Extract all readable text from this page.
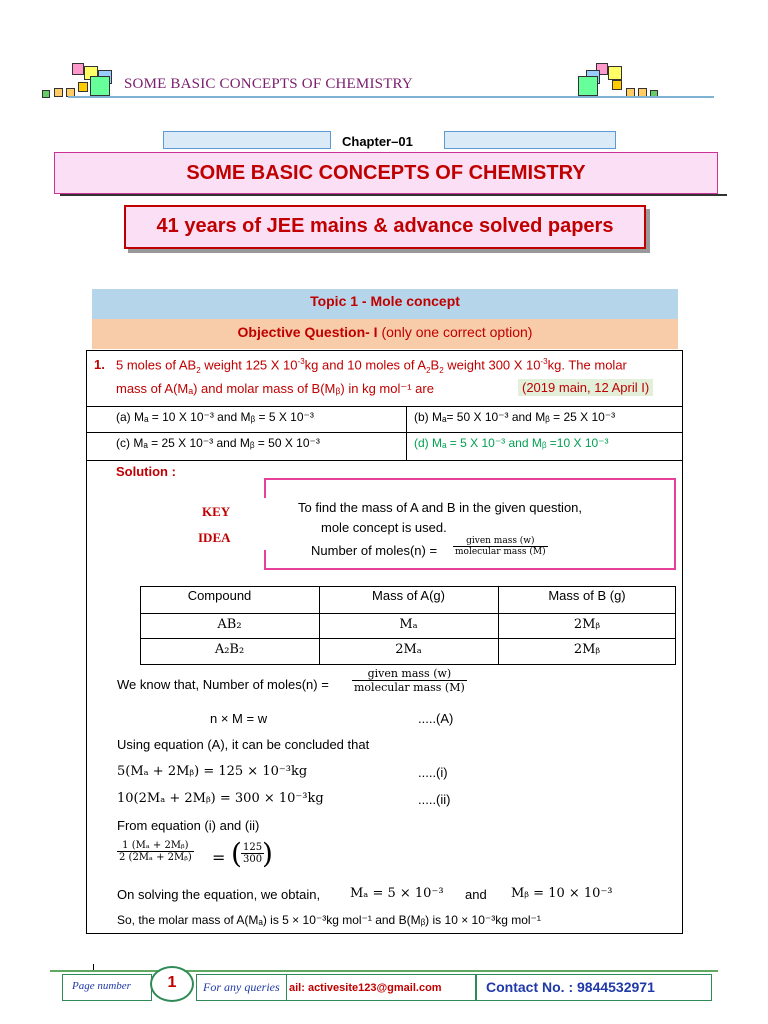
SOME BASIC CONCEPTS OF CHEMISTRY
Chapter–01
SOME BASIC CONCEPTS OF CHEMISTRY
41 years of JEE mains & advance solved papers
Topic 1 - Mole concept
Objective Question- I (only one correct option)
1. 5 moles of $AB_2$ weight 125 X $10^{-3}kg$ and 10 moles of $A_2B_2$ weight 300 X $10^{-3}kg$. The molar
mass of A(Mₐ) and molar mass of B(Mᵦ) in kg mol⁻¹ are	(2019 main, 12 April I)
(a) Mₐ = 10 X 10⁻³ and Mᵦ = 5 X 10⁻³	(b) Mₐ= 50 X 10⁻³ and Mᵦ = 25 X 10⁻³
(c) Mₐ = 25 X 10⁻³ and Mᵦ = 50 X 10⁻³	(d) Mₐ = 5 X 10⁻³ and Mᵦ =10 X 10⁻³
Solution :
KEY
IDEA
To find the mass of A and B in the given question,
mole concept is used.
Number of moles(n) = $\frac{\text{given mass (w)}}{\text{molecular mass (M)}}$
Compound	Mass of A(g)	Mass of B (g)
AB₂	Mₐ	2Mᵦ
A₂B₂	2Mₐ	2Mᵦ
We know that, Number of moles(n) = $\frac{\text{given mass (w)}}{\text{molecular mass (M)}}$
n × M = w	.....(A)
Using equation (A), it can be concluded that
5(Mₐ + 2Mᵦ) = 125 × 10⁻³kg	.....(i)
10(2Mₐ + 2Mᵦ) = 300 × 10⁻³kg	.....(ii)
From equation (i) and (ii)
$\frac{\text{1 (Mₐ + 2Mᵦ)}}{\text{2 (2Mₐ + 2Mᵦ)}}$ = ( $\frac{125}{300}$
)
On solving the equation, we obtain, Mₐ = 5 × 10⁻³ and Mᵦ = 10 × 10⁻³
So, the molar mass of A(Mₐ) is 5 × 10⁻³kg mol⁻¹ and B(Mᵦ) is 10 × 10⁻³kg mol⁻¹
Page number	1	For any queries ail: activesite123@gmail.com	Contact No. : 9844532971
